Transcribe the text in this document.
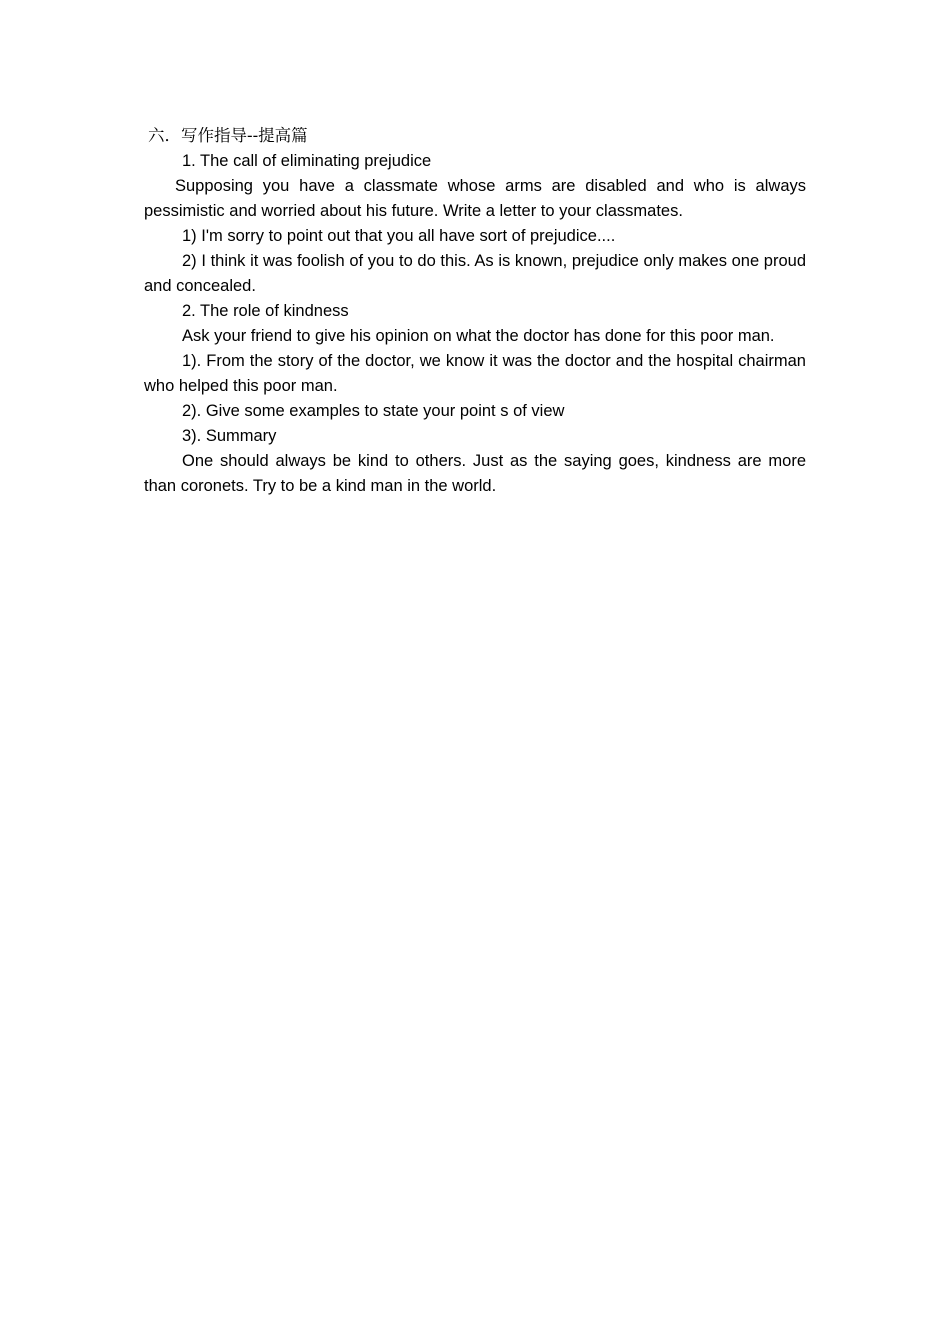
六．写作指导--提高篇

1. The call of eliminating prejudice

Supposing you have a classmate whose arms are disabled and who is always pessimistic and worried about his future. Write a letter to your classmates.

1) I'm sorry to point out that you all have sort of prejudice....

2) I think it was foolish of you to do this. As is known, prejudice only makes one proud and concealed.

2. The role of kindness

Ask your friend to give his opinion on what the doctor has done for this poor man.

1). From the story of the doctor, we know it was the doctor and the hospital chairman who helped this poor man.

2). Give some examples to state your point s of view

3). Summary

One should always be kind to others. Just as the saying goes, kindness are more than coronets. Try to be a kind man in the world.
